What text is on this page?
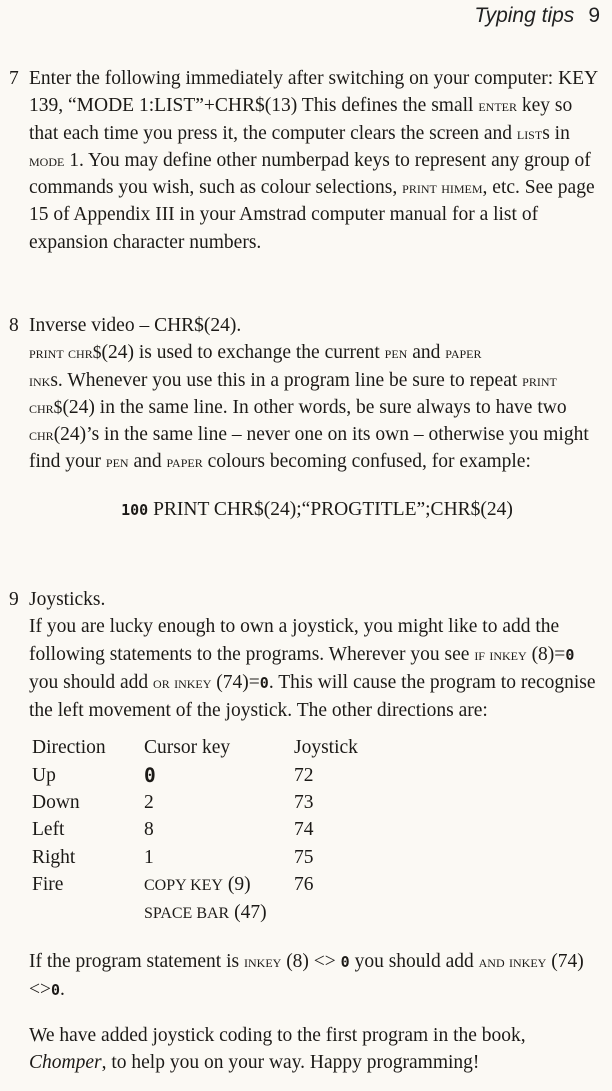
Typing tips 9
7 Enter the following immediately after switching on your computer: KEY 139, “MODE 1:LIST”+CHR$(13) This defines the small enter key so that each time you press it, the computer clears the screen and lists in mode 1. You may define other numberpad keys to represent any group of commands you wish, such as colour selections, print himem, etc. See page 15 of Appendix III in your Amstrad computer manual for a list of expansion character numbers.
8 Inverse video – CHR$(24).

print chr$(24) is used to exchange the current pen and paper
inks. Whenever you use this in a program line be sure to repeat print chr$(24) in the same line. In other words, be sure always to have two chr(24)’s in the same line – never one on its own – otherwise you might find your pen and paper colours becoming confused, for example:

100 PRINT CHR$(24);“PROGTITLE”;CHR$(24)

9 Joysticks.

If you are lucky enough to own a joystick, you might like to add the following statements to the programs. Wherever you see if inkey (8)=0 you should add or inkey (74)=0. This will cause the program to recognise the left movement of the joystick. The other directions are:

Direction	Cursor key	Joystick
Up	0	72
Down	2	73
Left	8	74
Right	1	75
Fire	COPY KEY (9)	76
	SPACE BAR (47)	

If the program statement is inkey (8) <> 0 you should add and inkey (74)<>0.

We have added joystick coding to the first program in the book, Chomper, to help you on your way. Happy programming!
